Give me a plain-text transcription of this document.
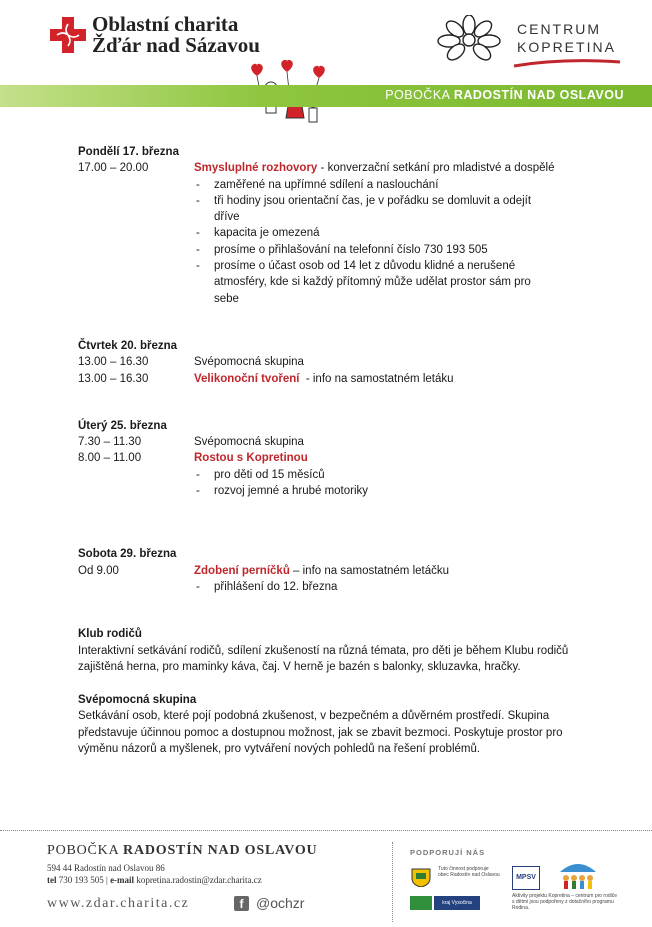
Oblastní charita
Žďár nad Sázavou
CENTRUM
KOPRETINA
POBOČKA RADOSTÍN NAD OSLAVOU
Pondělí 17. března
17.00 – 20.00	Smysluplné rozhovory - konverzační setkání pro mladistvé a dospělé
-	zaměřené na upřímné sdílení a naslouchání
-	tři hodiny jsou orientační čas, je v pořádku se domluvit a odejít dříve
-	kapacita je omezená
-	prosíme o přihlašování na telefonní číslo 730 193 505
-	prosíme o účast osob od 14 let z důvodu klidné a nerušené atmosféry, kde si každý přítomný může udělat prostor sám pro sebe
Čtvrtek 20. března
13.00 – 16.30	Svépomocná skupina
13.00 – 16.30	Velikonoční tvoření  - info na samostatném letáku
Úterý 25. března
7.30 – 11.30	Svépomocná skupina
8.00 – 11.00	Rostou s Kopretinou
-	pro děti od 15 měsíců
-	rozvoj jemné a hrubé motoriky
Sobota 29. března
Od 9.00	Zdobení perníčků – info na samostatném letáčku
-	přihlášení do 12. března
Klub rodičů
Interaktivní setkávání rodičů, sdílení zkušeností na různá témata, pro děti je během Klubu rodičů zajištěná herna, pro maminky káva, čaj. V herně je bazén s balonky, skluzavka, hračky.
Svépomocná skupina
Setkávání osob, které pojí podobná zkušenost, v bezpečném a důvěrném prostředí. Skupina představuje účinnou pomoc a dostupnou možnost, jak se zbavit bezmoci. Poskytuje prostor pro výměnu názorů a myšlenek, pro vytváření nových pohledů na řešení problémů.
POBOČKA RADOSTÍN NAD OSLAVOU
594 44 Radostín nad Oslavou 86
tel 730 193 505 | e-mail kopretina.radostin@zdar.charita.cz
www.zdar.charita.cz	f @ochzr
PODPORUJÍ NÁS
Tuto činnost podporuje obec Radostín nad Oslavou
kraj Vysočina
MPSV
Aktivity projektu Kopretina – centrum pro rodiče s dětmi jsou podpořeny z dotačního programu Rodina.
